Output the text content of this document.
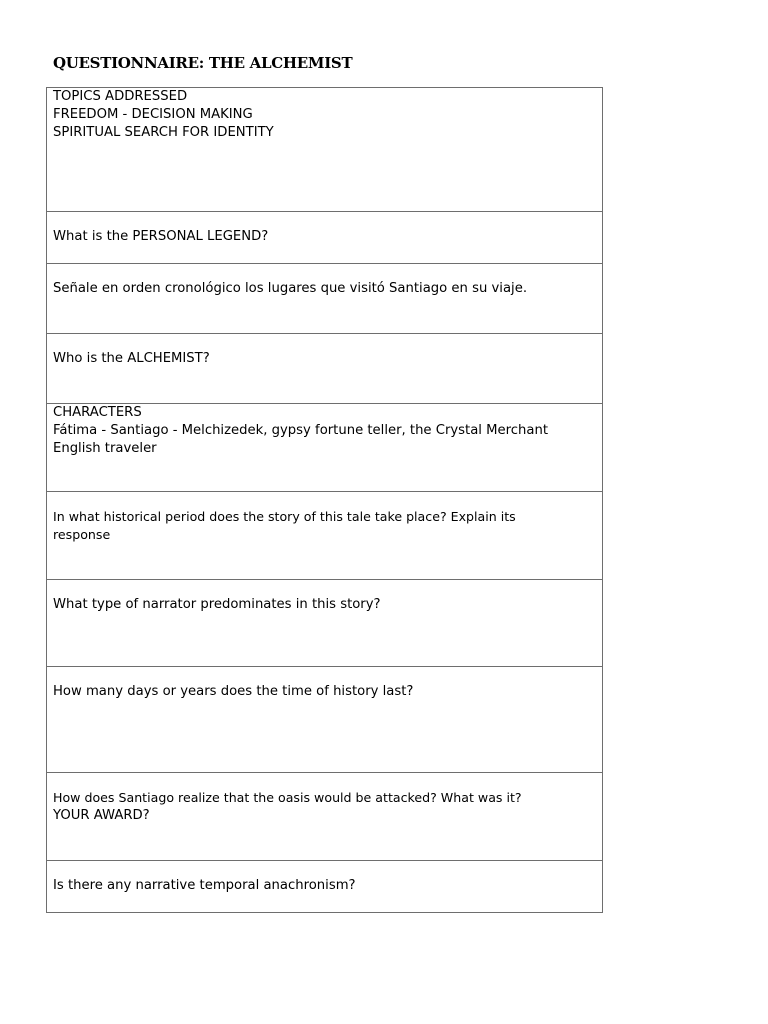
QUESTIONNAIRE: THE ALCHEMIST
TOPICS ADDRESSED
FREEDOM - DECISION MAKING
SPIRITUAL SEARCH FOR IDENTITY

What is the PERSONAL LEGEND?

Señale en orden cronológico los lugares que visitó Santiago en su viaje.

Who is the ALCHEMIST?

CHARACTERS
Fátima - Santiago - Melchizedek, gypsy fortune teller, the Crystal Merchant
English traveler

In what historical period does the story of this tale take place? Explain its
response

What type of narrator predominates in this story?

How many days or years does the time of history last?

How does Santiago realize that the oasis would be attacked? What was it?
YOUR AWARD?

Is there any narrative temporal anachronism?
